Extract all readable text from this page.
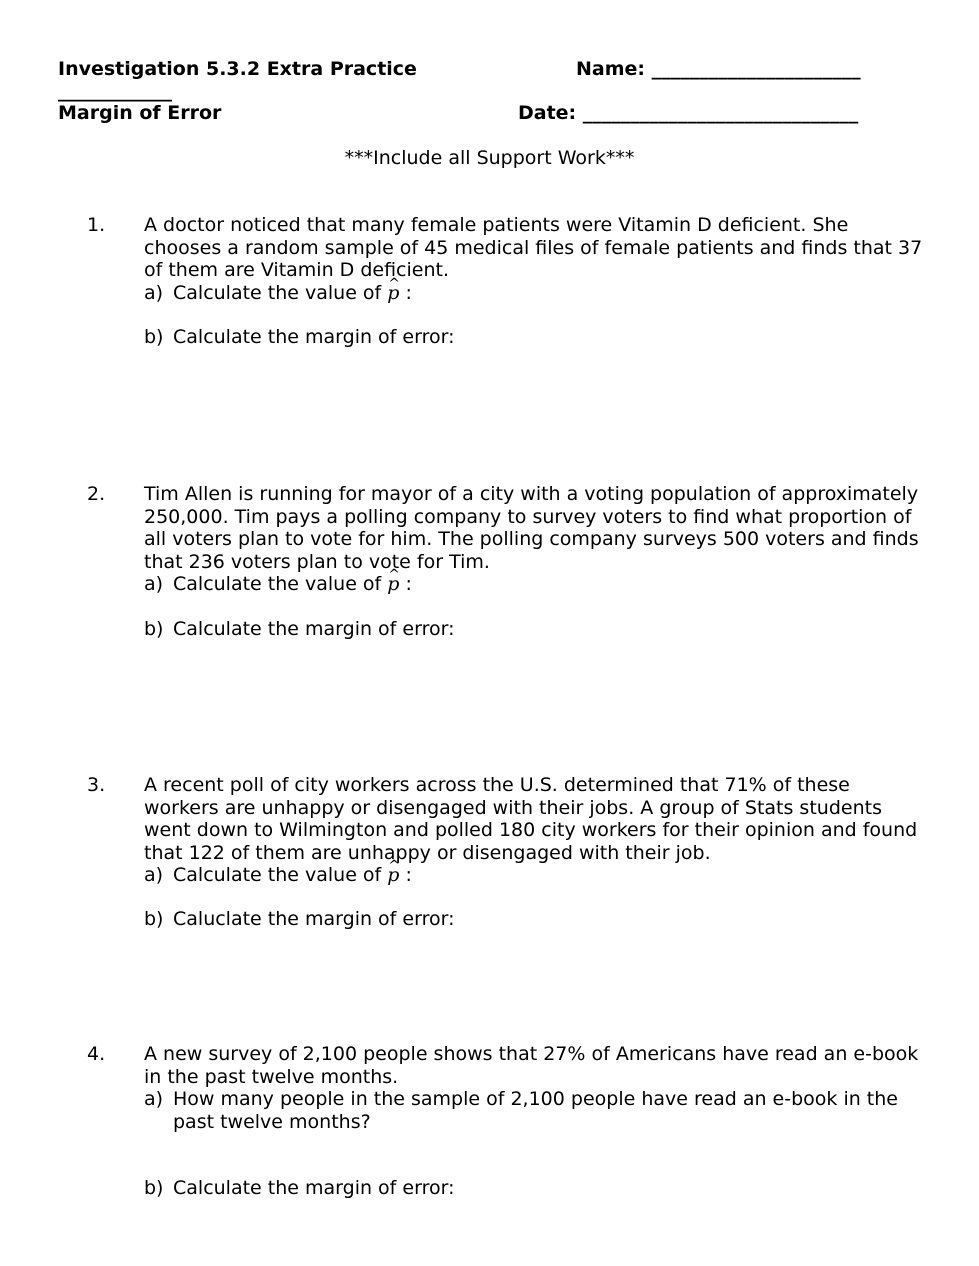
Investigation 5.3.2 Extra Practice	Name: ______________________
____________
Margin of Error	Date: _____________________________
***Include all Support Work***
1. A doctor noticed that many female patients were Vitamin D deficient. She chooses a random sample of 45 medical files of female patients and finds that 37 of them are Vitamin D deficient.
a) Calculate the value of p ^ :
b) Calculate the margin of error:
2. Tim Allen is running for mayor of a city with a voting population of approximately 250,000. Tim pays a polling company to survey voters to find what proportion of all voters plan to vote for him. The polling company surveys 500 voters and finds that 236 voters plan to vote for Tim.
a) Calculate the value of p ^ :
b) Calculate the margin of error:
3. A recent poll of city workers across the U.S. determined that 71% of these workers are unhappy or disengaged with their jobs. A group of Stats students went down to Wilmington and polled 180 city workers for their opinion and found that 122 of them are unhappy or disengaged with their job.
a) Calculate the value of p ^ :
b) Caluclate the margin of error:
4. A new survey of 2,100 people shows that 27% of Americans have read an e-book in the past twelve months.
a) How many people in the sample of 2,100 people have read an e-book in the past twelve months?
b) Calculate the margin of error:
